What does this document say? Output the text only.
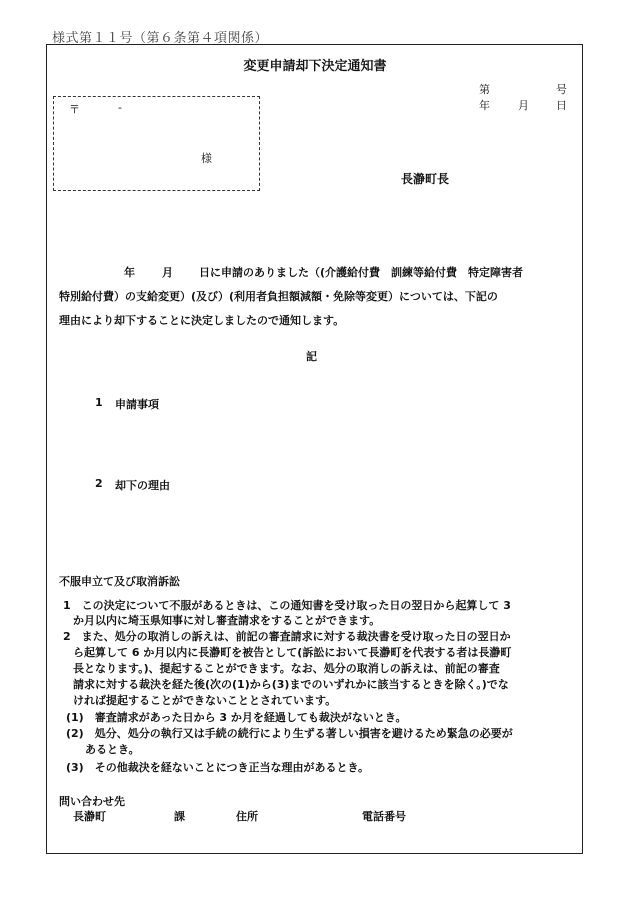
様式第１１号（第６条第４項関係）
変更申請却下決定通知書
第	号
年	月 日
〒	-
様
長瀞町長
年 月 日に申請のありました（(介護給付費　訓練等給付費　特定障害者
特別給付費）の支給変更）(及び）(利用者負担額減額・免除等変更）については、下記の
理由により却下することに決定しましたので通知します。
記
1 申請事項
2 却下の理由
不服申立て及び取消訴訟
1　この決定について不服があるときは、この通知書を受け取った日の翌日から起算して 3
か月以内に埼玉県知事に対し審査請求をすることができます。
2　また、処分の取消しの訴えは、前記の審査請求に対する裁決書を受け取った日の翌日か
ら起算して 6 か月以内に長瀞町を被告として(訴訟において長瀞町を代表する者は長瀞町
長となります。)、提起することができます。なお、処分の取消しの訴えは、前記の審査
請求に対する裁決を経た後(次の(1)から(3)までのいずれかに該当するときを除く。)でな
ければ提起することができないこととされています。
(1)　審査請求があった日から 3 か月を経過しても裁決がないとき。
(2)　処分、処分の執行又は手続の続行により生ずる著しい損害を避けるため緊急の必要が
あるとき。
(3)　その他裁決を経ないことにつき正当な理由があるとき。
問い合わせ先
長瀞町	課	住所	電話番号
